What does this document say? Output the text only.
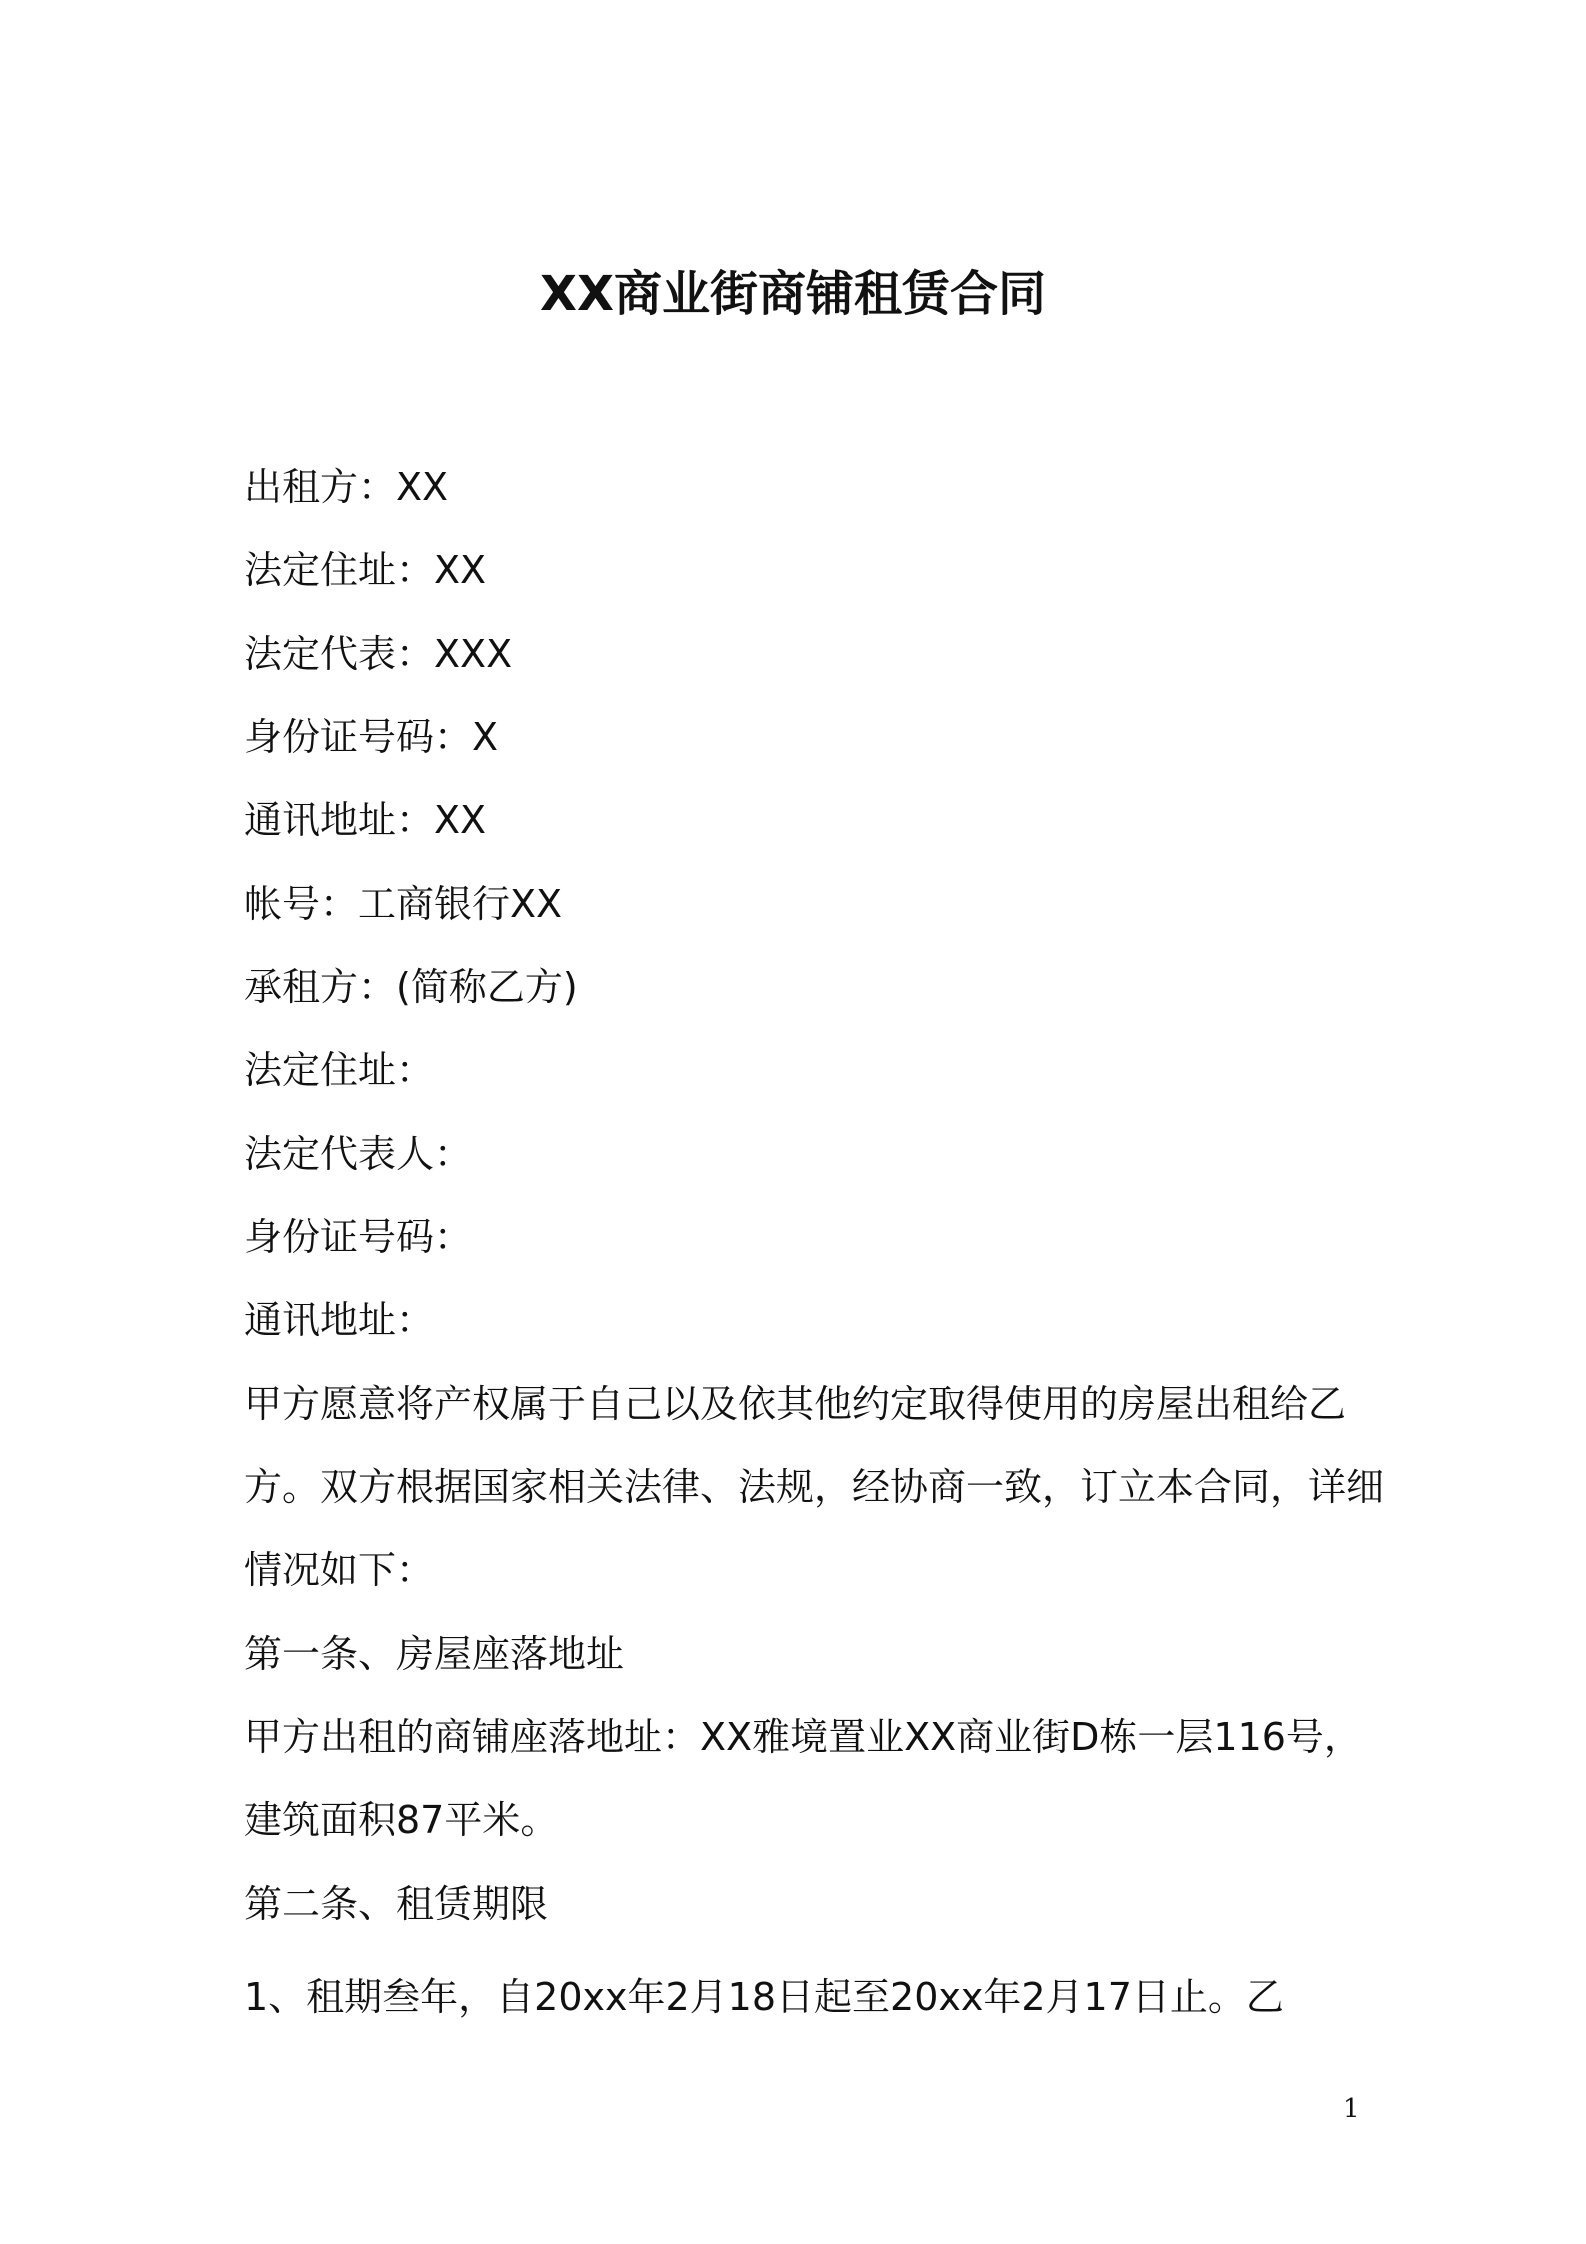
XX商业街商铺租赁合同

出租方：XX

法定住址：XX

法定代表：XXX

身份证号码：X

通讯地址：XX

帐号：工商银行XX

承租方：(简称乙方)

法定住址：

法定代表人：

身份证号码：

通讯地址：

甲方愿意将产权属于自己以及依其他约定取得使用的房屋出租给乙

方。双方根据国家相关法律、法规，经协商一致，订立本合同，详细

情况如下：

第一条、房屋座落地址

甲方出租的商铺座落地址：XX雅境置业XX商业街D栋一层116号，

建筑面积87平米。

第二条、租赁期限

1、租期叁年，自20xx年2月18日起至20xx年2月17日止。乙

1
